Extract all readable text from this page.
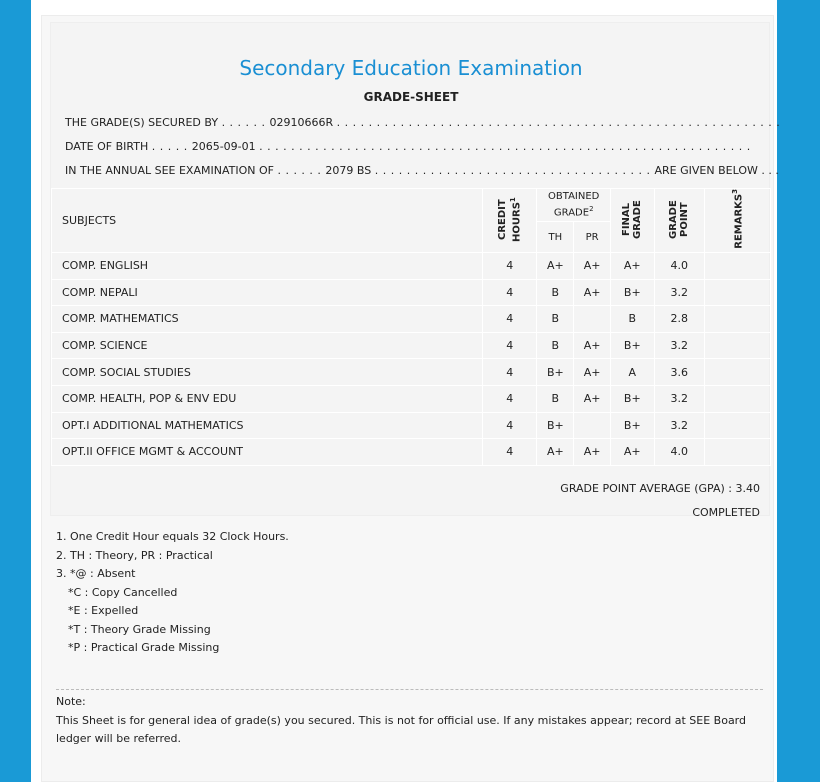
Secondary Education Examination
GRADE-SHEET
THE GRADE(S) SECURED BY . . . . . . 02910666R . . . . . . . . . . . . . . . . . . . . . . . . . . . . . . . . . . . . . . . . . . . . . . . . . . . . . . . .
DATE OF BIRTH . . . . . 2065-09-01 . . . . . . . . . . . . . . . . . . . . . . . . . . . . . . . . . . . . . . . . . . . . . . . . . . . . . . . . . . . . . .
IN THE ANNUAL SEE EXAMINATION OF . . . . . . 2079 BS . . . . . . . . . . . . . . . . . . . . . . . . . . . . . . . . . . . ARE GIVEN BELOW . . .
SUBJECTS	CREDIT HOURS$^1$	OBTAINED GRADE$^2$		FINAL GRADE	GRADE POINT	REMARKS$^3$
		TH	PR			
COMP. ENGLISH	4	A+	A+	A+	4.0	
COMP. NEPALI	4	B	A+	B+	3.2	
COMP. MATHEMATICS	4	B		B	2.8	
COMP. SCIENCE	4	B	A+	B+	3.2	
COMP. SOCIAL STUDIES	4	B+	A+	A	3.6	
COMP. HEALTH, POP & ENV EDU	4	B	A+	B+	3.2	
OPT.I ADDITIONAL MATHEMATICS	4	B+		B+	3.2	
OPT.II OFFICE MGMT & ACCOUNT	4	A+	A+	A+	4.0	
GRADE POINT AVERAGE (GPA) : 3.40
COMPLETED
1. One Credit Hour equals 32 Clock Hours.
2. TH : Theory, PR : Practical
3. *@ : Absent
*C : Copy Cancelled
*E : Expelled
*T : Theory Grade Missing
*P : Practical Grade Missing
Note:
This Sheet is for general idea of grade(s) you secured. This is not for official use. If any mistakes appear; record at SEE Board ledger will be referred.
